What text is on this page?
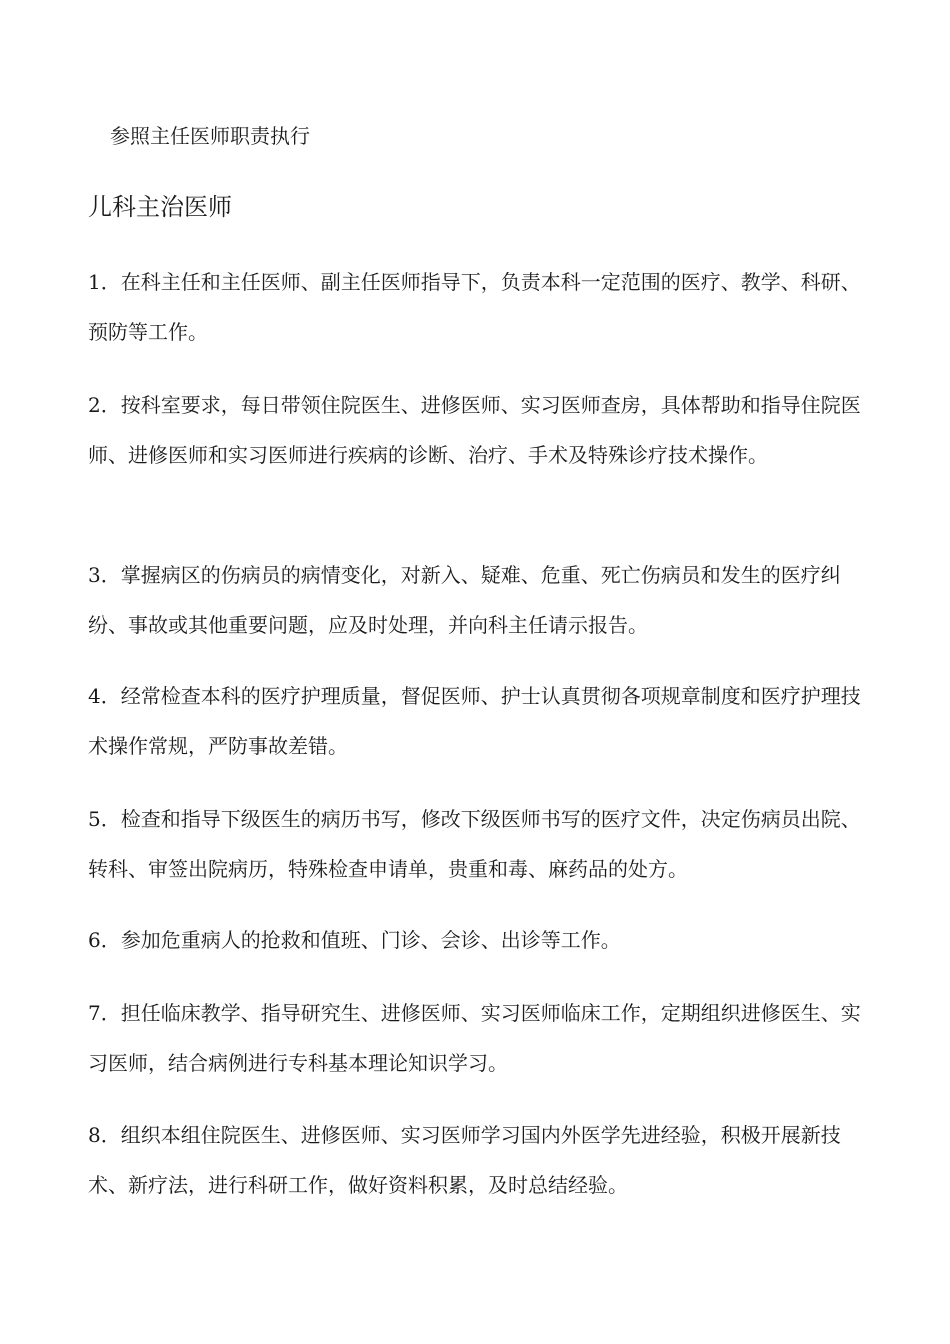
参照主任医师职责执行
儿科主治医师

1．在科主任和主任医师、副主任医师指导下，负责本科一定范围的医疗、教学、科研、预防等工作。

2．按科室要求，每日带领住院医生、进修医师、实习医师查房，具体帮助和指导住院医师、进修医师和实习医师进行疾病的诊断、治疗、手术及特殊诊疗技术操作。

3．掌握病区的伤病员的病情变化，对新入、疑难、危重、死亡伤病员和发生的医疗纠纷、事故或其他重要问题，应及时处理，并向科主任请示报告。

4．经常检查本科的医疗护理质量，督促医师、护士认真贯彻各项规章制度和医疗护理技术操作常规，严防事故差错。

5．检查和指导下级医生的病历书写，修改下级医师书写的医疗文件，决定伤病员出院、转科、审签出院病历，特殊检查申请单，贵重和毒、麻药品的处方。

6．参加危重病人的抢救和值班、门诊、会诊、出诊等工作。

7．担任临床教学、指导研究生、进修医师、实习医师临床工作，定期组织进修医生、实习医师，结合病例进行专科基本理论知识学习。

8．组织本组住院医生、进修医师、实习医师学习国内外医学先进经验，积极开展新技术、新疗法，进行科研工作，做好资料积累，及时总结经验。
